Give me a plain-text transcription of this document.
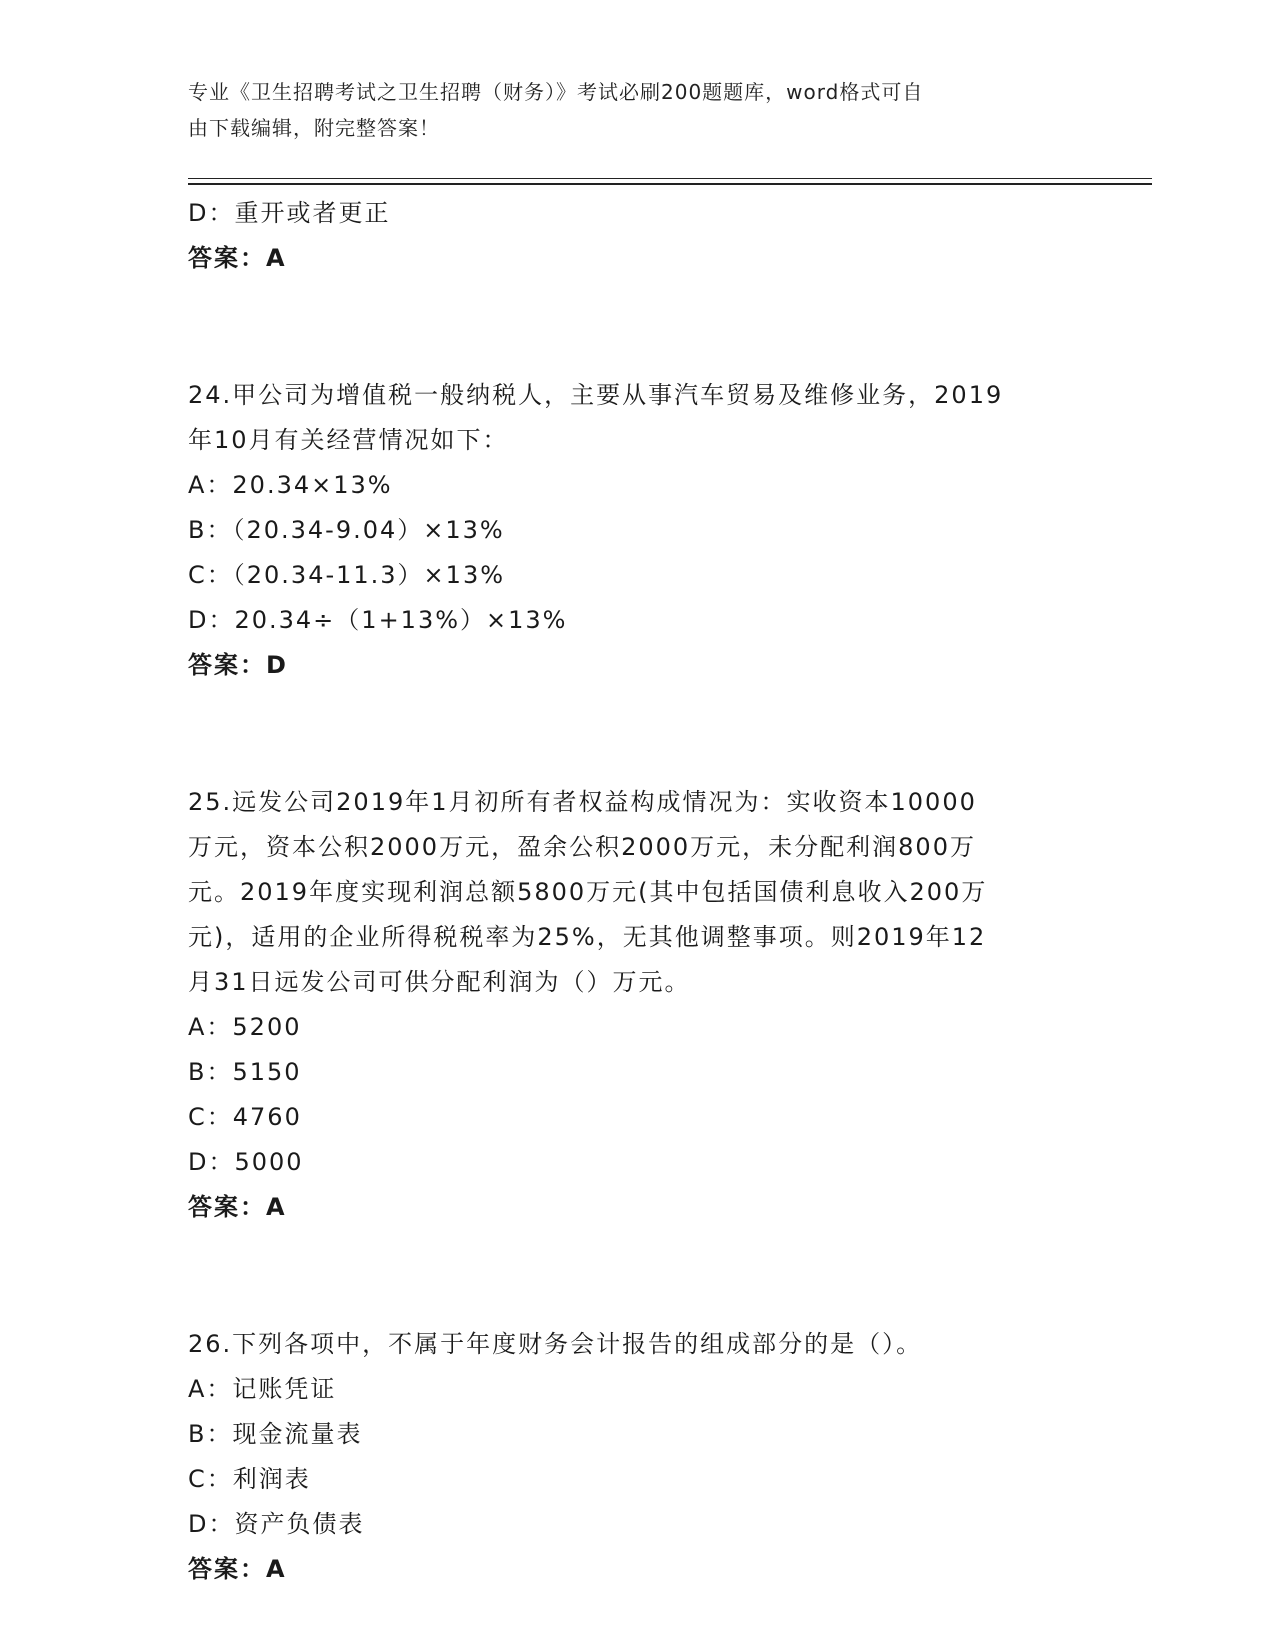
专业《卫生招聘考试之卫生招聘（财务）》考试必刷200题题库，word格式可自
由下载编辑，附完整答案！
D：重开或者更正
答案：A
24.甲公司为增值税一般纳税人，主要从事汽车贸易及维修业务，2019
年10月有关经营情况如下：
A：20.34×13%
B：（20.34-9.04）×13%
C：（20.34-11.3）×13%
D：20.34÷（1+13%）×13%
答案：D
25.远发公司2019年1月初所有者权益构成情况为：实收资本10000
万元，资本公积2000万元，盈余公积2000万元，未分配利润800万
元。2019年度实现利润总额5800万元(其中包括国债利息收入200万
元)，适用的企业所得税税率为25%，无其他调整事项。则2019年12
月31日远发公司可供分配利润为（）万元。
A：5200
B：5150
C：4760
D：5000
答案：A
26.下列各项中，不属于年度财务会计报告的组成部分的是（）。
A：记账凭证
B：现金流量表
C：利润表
D：资产负债表
答案：A
